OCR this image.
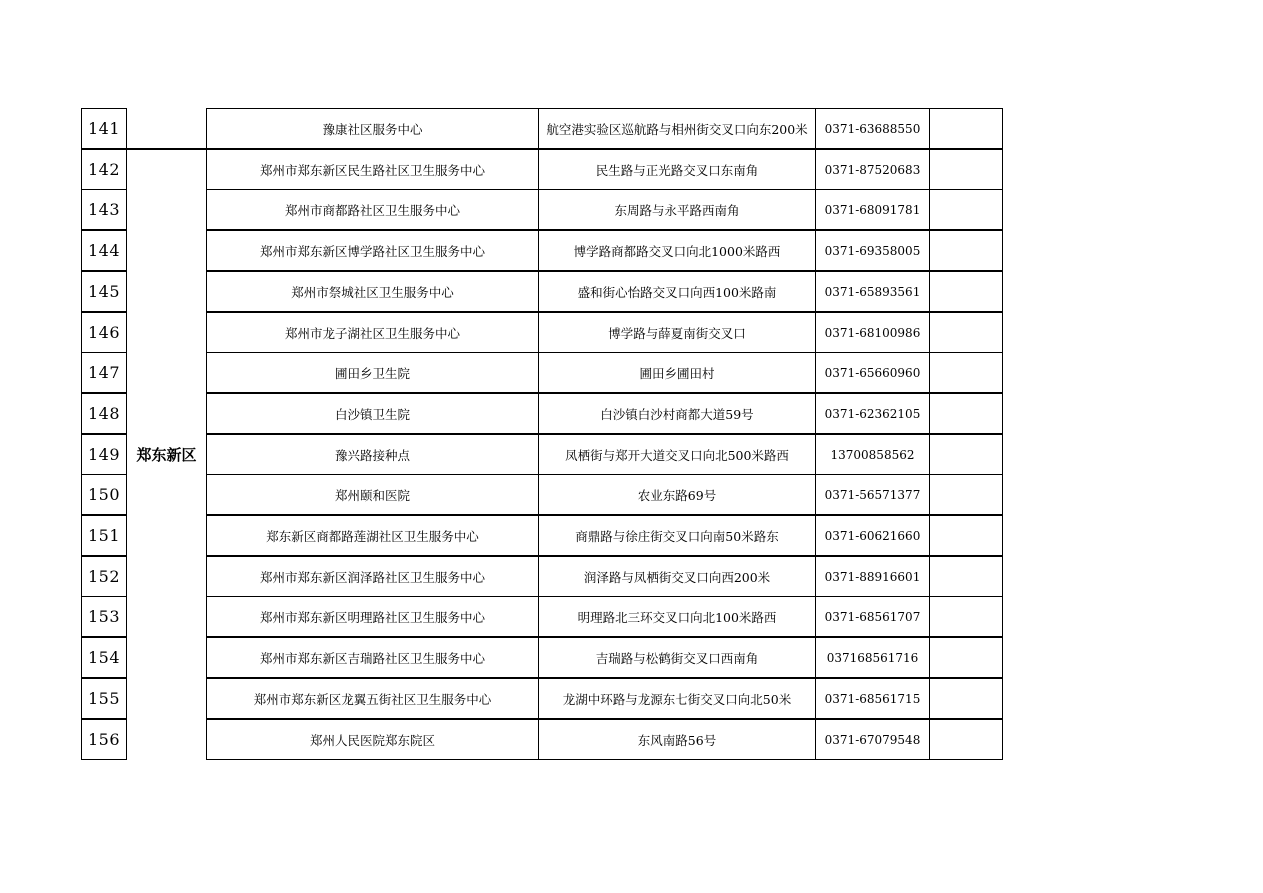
141	豫康社区服务中心	航空港实验区巡航路与相州街交叉口向东200米	0371-63688550
142	郑州市郑东新区民生路社区卫生服务中心	民生路与正光路交叉口东南角	0371-87520683
143	郑州市商都路社区卫生服务中心	东周路与永平路西南角	0371-68091781
144	郑州市郑东新区博学路社区卫生服务中心	博学路商都路交叉口向北1000米路西	0371-69358005
145	郑州市祭城社区卫生服务中心	盛和街心怡路交叉口向西100米路南	0371-65893561
146	郑州市龙子湖社区卫生服务中心	博学路与薛夏南街交叉口	0371-68100986
147	圃田乡卫生院	圃田乡圃田村	0371-65660960
148	白沙镇卫生院	白沙镇白沙村商都大道59号	0371-62362105
149	豫兴路接种点	凤栖街与郑开大道交叉口向北500米路西	13700858562
150	郑州颐和医院	农业东路69号	0371-56571377
151	郑东新区商都路莲湖社区卫生服务中心	商鼎路与徐庄街交叉口向南50米路东	0371-60621660
152	郑州市郑东新区润泽路社区卫生服务中心	润泽路与凤栖街交叉口向西200米	0371-88916601
153	郑州市郑东新区明理路社区卫生服务中心	明理路北三环交叉口向北100米路西	0371-68561707
154	郑州市郑东新区吉瑞路社区卫生服务中心	吉瑞路与松鹤街交叉口西南角	037168561716
155	郑州市郑东新区龙翼五街社区卫生服务中心	龙湖中环路与龙源东七街交叉口向北50米	0371-68561715
156	郑州人民医院郑东院区	东风南路56号	0371-67079548
郑东新区
